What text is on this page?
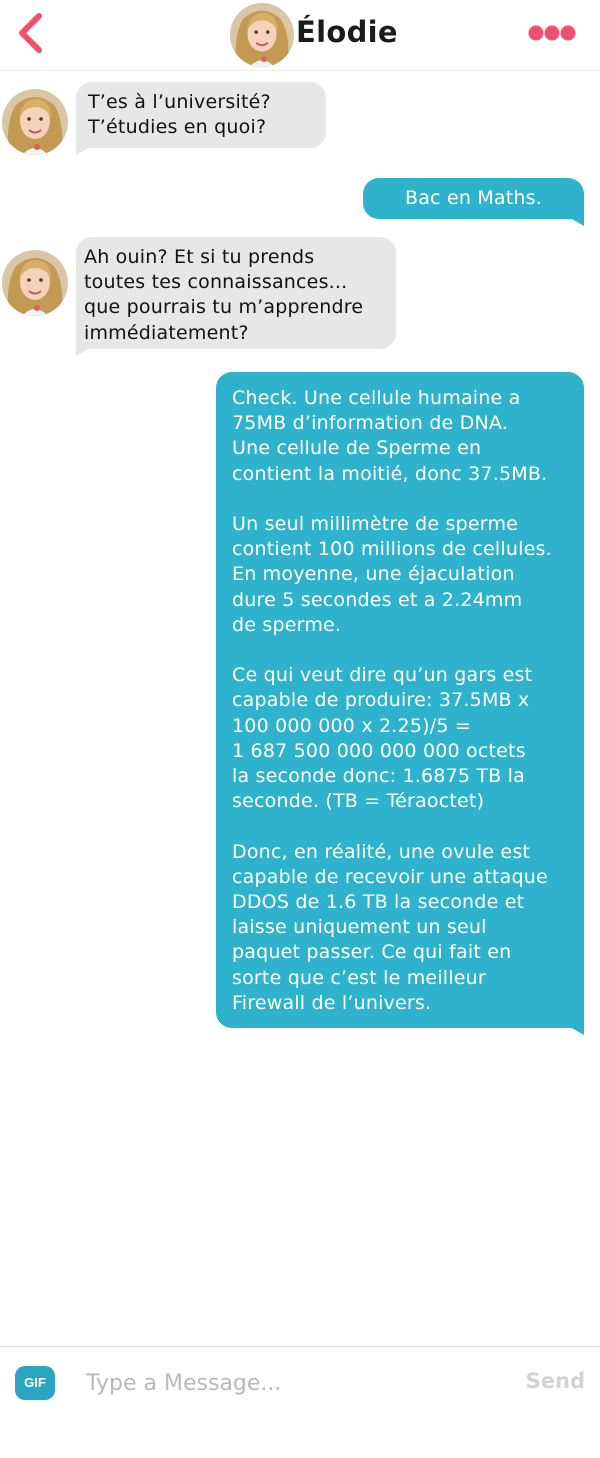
Élodie

T’es à l’université?
T’étudies en quoi?

Bac en Maths.

Ah ouin? Et si tu prends
toutes tes connaissances...
que pourrais tu m’apprendre
immédiatement?

Check. Une cellule humaine a
75MB d’information de DNA.
Une cellule de Sperme en
contient la moitié, donc 37.5MB.

Un seul millimètre de sperme
contient 100 millions de cellules.
En moyenne, une éjaculation
dure 5 secondes et a 2.24mm
de sperme.

Ce qui veut dire qu’un gars est
capable de produire: 37.5MB x
100 000 000 x 2.25)/5 =
1 687 500 000 000 000 octets
la seconde donc: 1.6875 TB la
seconde. (TB = Téraoctet)

Donc, en réalité, une ovule est
capable de recevoir une attaque
DDOS de 1.6 TB la seconde et
laisse uniquement un seul
paquet passer. Ce qui fait en
sorte que c’est le meilleur
Firewall de l’univers.

GIF
Type a Message...	Send
